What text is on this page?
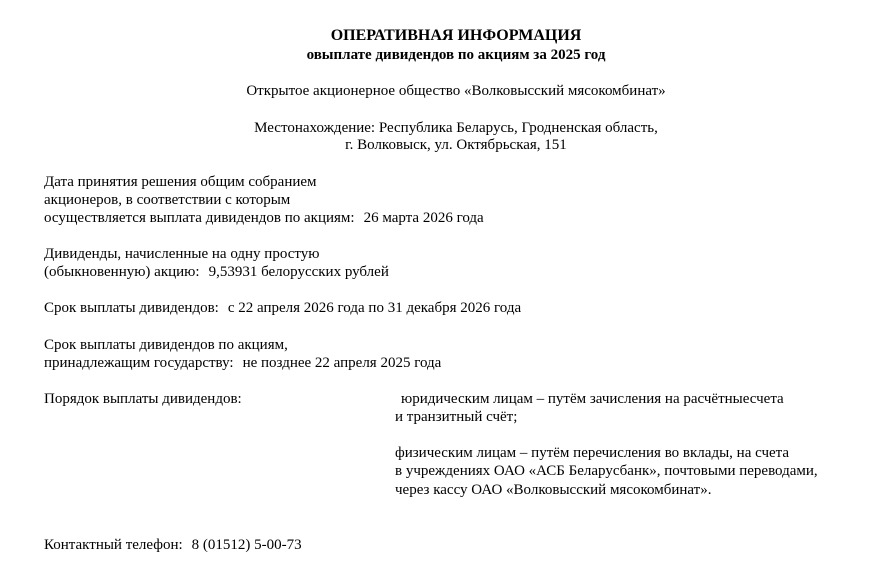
ОПЕРАТИВНАЯ ИНФОРМАЦИЯ
овыплате дивидендов по акциям за 2025 год
Открытое акционерное общество «Волковысский мясокомбинат»
Местонахождение: Республика Беларусь, Гродненская область,
г. Волковыск, ул. Октябрьская, 151
Дата принятия решения общим собранием
акционеров, в соответствии с которым
осуществляется выплата дивидендов по акциям: 26 марта 2026 года
Дивиденды, начисленные на одну простую
(обыкновенную) акцию: 9,53931 белорусских рублей
Срок выплаты дивидендов: с 22 апреля 2026 года по 31 декабря 2026 года
Срок выплаты дивидендов по акциям,
принадлежащим государству: не позднее 22 апреля 2025 года
Порядок выплаты дивидендов:	юридическим лицам – путём зачисления на расчётныесчета
и транзитный счёт;
физическим лицам – путём перечисления во вклады, на счета
в учреждениях ОАО «АСБ Беларусбанк», почтовыми переводами,
через кассу ОАО «Волковысский мясокомбинат».
Контактный телефон: 8 (01512) 5-00-73
